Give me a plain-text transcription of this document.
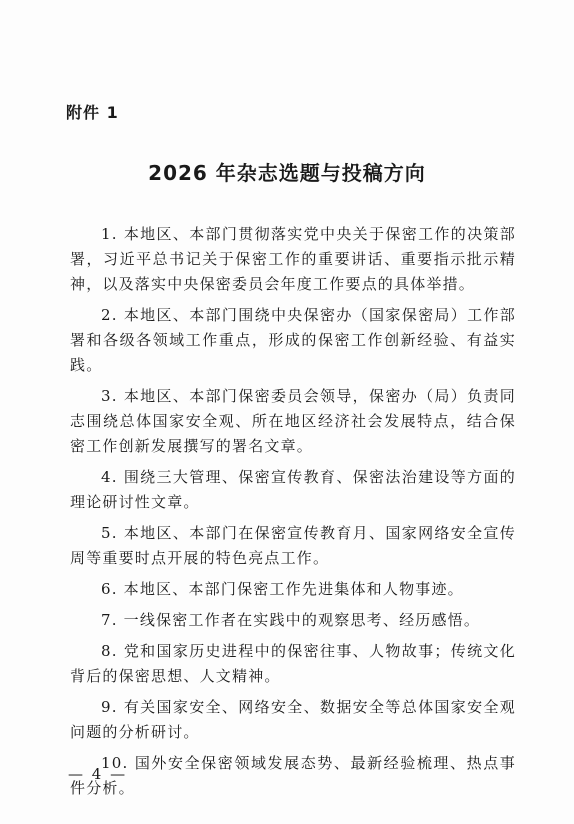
附件 1

2026 年杂志选题与投稿方向

1. 本地区、本部门贯彻落实党中央关于保密工作的决策部署，习近平总书记关于保密工作的重要讲话、重要指示批示精神，以及落实中央保密委员会年度工作要点的具体举措。

2. 本地区、本部门围绕中央保密办（国家保密局）工作部署和各级各领域工作重点，形成的保密工作创新经验、有益实践。

3. 本地区、本部门保密委员会领导，保密办（局）负责同志围绕总体国家安全观、所在地区经济社会发展特点，结合保密工作创新发展撰写的署名文章。

4. 围绕三大管理、保密宣传教育、保密法治建设等方面的理论研讨性文章。

5. 本地区、本部门在保密宣传教育月、国家网络安全宣传周等重要时点开展的特色亮点工作。

6. 本地区、本部门保密工作先进集体和人物事迹。

7. 一线保密工作者在实践中的观察思考、经历感悟。

8. 党和国家历史进程中的保密往事、人物故事；传统文化背后的保密思想、人文精神。

9. 有关国家安全、网络安全、数据安全等总体国家安全观问题的分析研讨。

10. 国外安全保密领域发展态势、最新经验梳理、热点事件分析。

— 4 —
